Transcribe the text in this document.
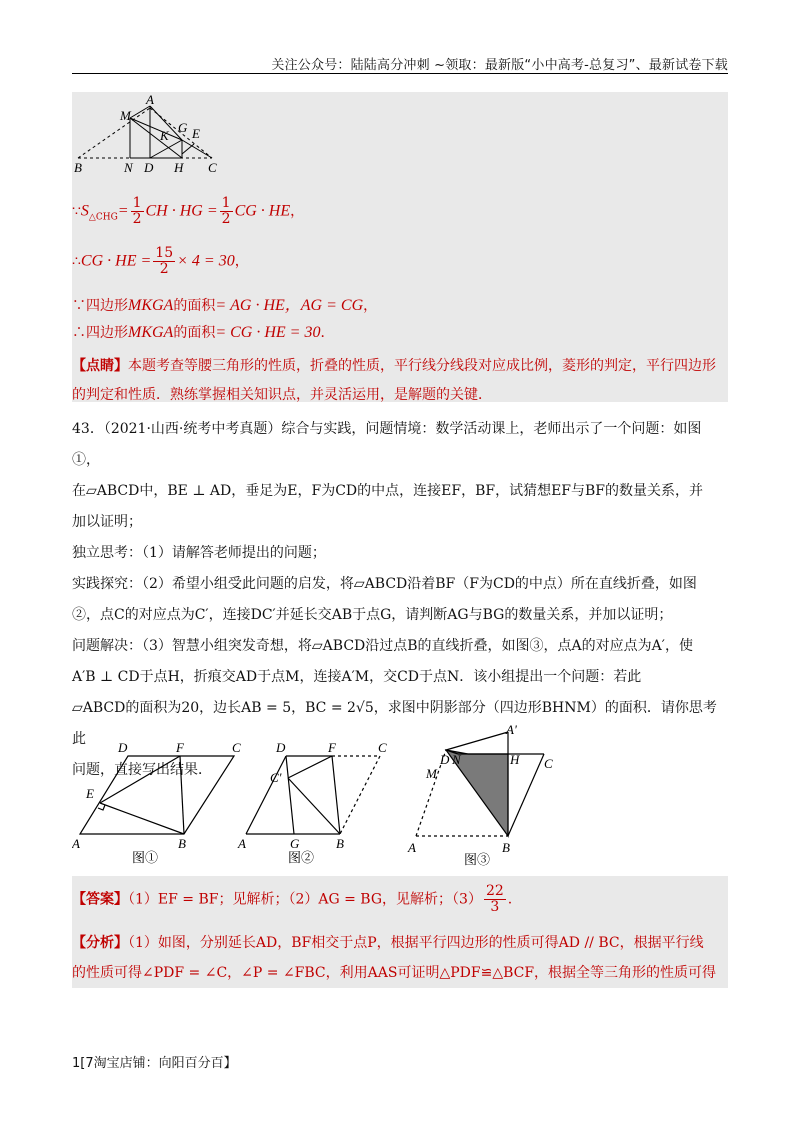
关注公众号：陆陆高分冲刺 ~领取：最新版“小中高考-总复习”、最新试卷下载
M
A
G E
K
B	N D H C
$\because S_{\triangle CHG}= \frac{1}{2}$ CH · HG = $\frac{1}{2}$ CG · HE，
∴CG · HE = $\frac{15}{2} \times 4 = 30$，
∵四边形MKGA的面积= AG · HE，AG = CG，
∴四边形MKGA的面积= CG · HE = 30．
【点睛】本题考查等腰三角形的性质，折叠的性质，平行线分线段对应成比例，菱形的判定，平行四边形
的判定和性质．熟练掌握相关知识点，并灵活运用，是解题的关键．
43．（2021·山西·统考中考真题）综合与实践，问题情境：数学活动课上，老师出示了一个问题：如图①，
在▱ABCD中，BE ⊥ AD，垂足为E，F为CD的中点，连接EF，BF，试猜想EF与BF的数量关系，并
加以证明；
独立思考：（1）请解答老师提出的问题；
实践探究：（2）希望小组受此问题的启发，将▱ABCD沿着BF（F为CD的中点）所在直线折叠，如图
②，点C的对应点为C′，连接DC′并延长交AB于点G，请判断AG与BG的数量关系，并加以证明；
问题解决：（3）智慧小组突发奇想，将▱ABCD沿过点B的直线折叠，如图③，点A的对应点为A′，使
A′B ⊥ CD于点H，折痕交AD于点M，连接A′M，交CD于点N．该小组提出一个问题：若此
▱ABCD的面积为20，边长AB = 5，BC = 2√5，求图中阴影部分（四边形BHNM）的面积．请你思考此
问题，直接写出结果．
D	F	C
E
A	B
图①
D	F	C
C'
A	G	B
图②
A'
D N	H C
M
A	B
图③
【答案】（1）EF = BF；见解析；（2）AG = BG，见解析；$(3) \frac{22}{3}$ .
【分析】（1）如图，分别延长AD，BF相交于点P，根据平行四边形的性质可得AD // BC，根据平行线
的性质可得∠PDF = ∠C，∠P = ∠FBC，利用AAS可证明△PDF≌△BCF，根据全等三角形的性质可得
1[7淘宝店铺：向阳百分百】
